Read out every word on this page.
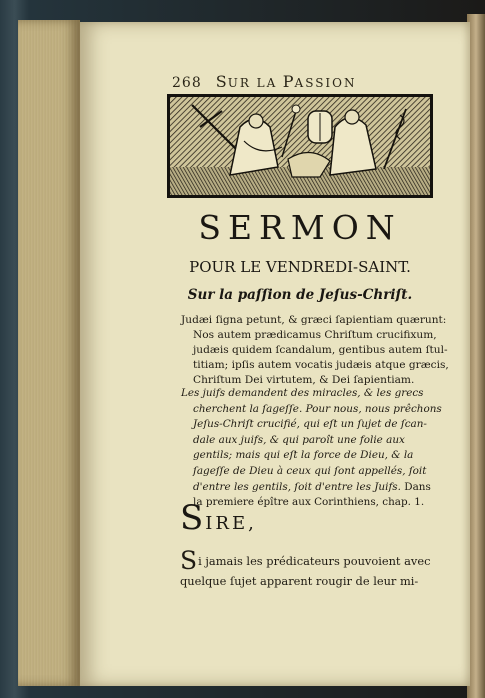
268 SUR LA PASSION
SERMON
POUR LE VENDREDI-SAINT.
Sur la paſſion de Jeſus-Chriſt.
Judæi ſigna petunt, & græci ſapientiam quærunt:
Nos autem prædicamus Chriſtum crucifixum,
judæis quidem ſcandalum, gentibus autem ſtul-
titiam; ipſis autem vocatis judæis atque græcis,
Chriſtum Dei virtutem, & Dei ſapientiam.
Les juifs demandent des miracles, & les grecs
cherchent la ſageſſe. Pour nous, nous prêchons
Jeſus-Chriſt crucifié, qui eſt un ſujet de ſcan-
dale aux juifs, & qui paroît une folie aux
gentils; mais qui eſt la force de Dieu, & la
ſageſſe de Dieu à ceux qui ſont appellés, ſoit
d'entre les gentils, ſoit d'entre les Juifs. Dans
la premiere épître aux Corinthiens, chap. 1.
SIRE,
Si jamais les prédicateurs pouvoient avec
quelque ſujet apparent rougir de leur mi-
